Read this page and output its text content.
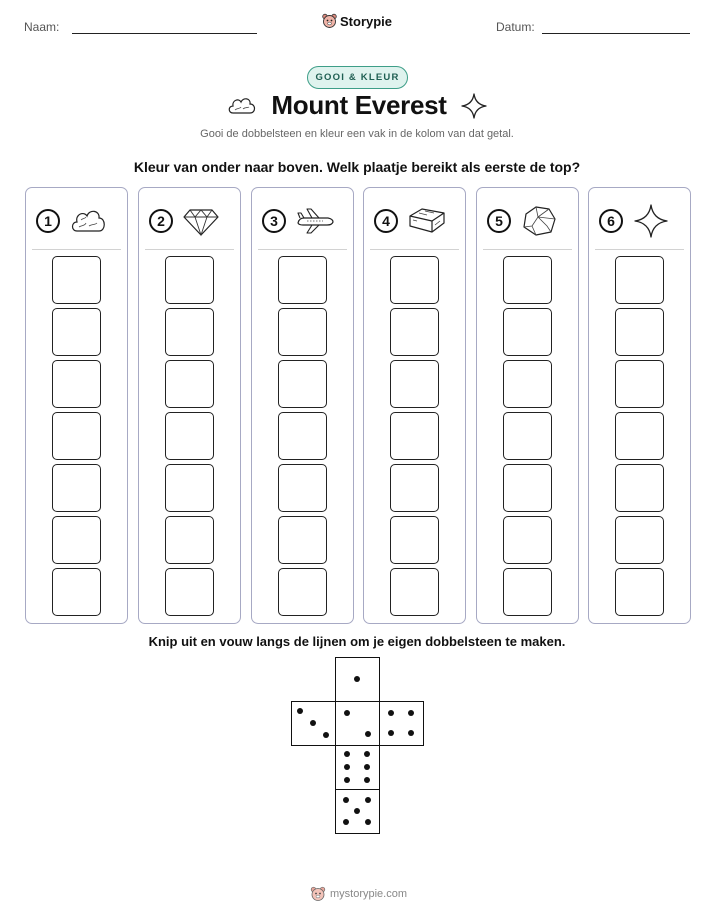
Naam:	Storypie	Datum:
GOOI & KLEUR
Mount Everest
Gooi de dobbelsteen en kleur een vak in de kolom van dat getal.
Kleur van onder naar boven. Welk plaatje bereikt als eerste de top?
1	2	3	4	5	6
Knip uit en vouw langs de lijnen om je eigen dobbelsteen te maken.
mystorypie.com
